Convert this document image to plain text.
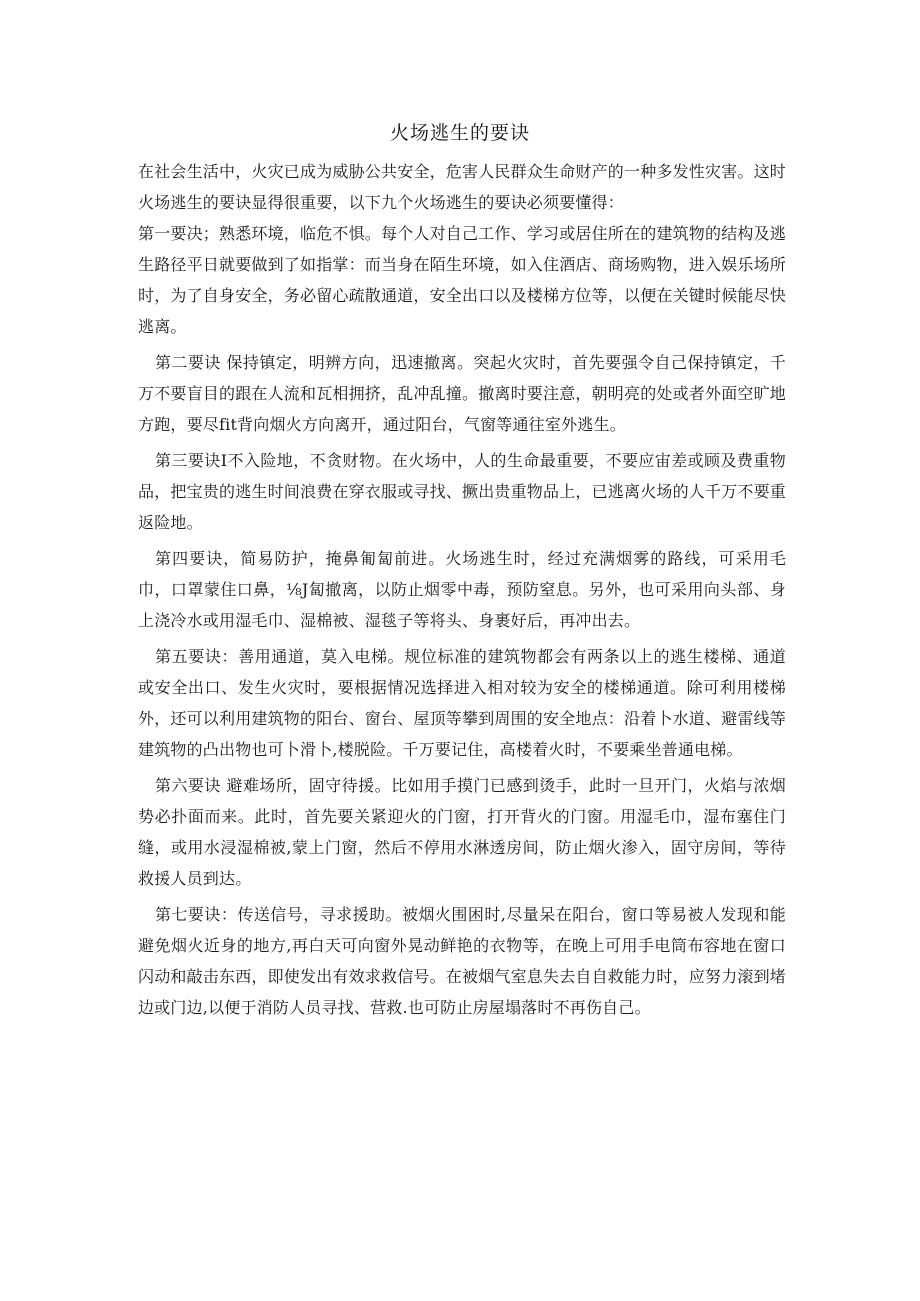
火场逃生的要诀

在社会生活中，火灾已成为威胁公共安全，危害人民群众生命财产的一种多发性灾害。这时火场逃生的要诀显得很重要，以下九个火场逃生的要诀必须要懂得：

第一要决；熟悉环境，临危不惧。每个人对自己工作、学习或居住所在的建筑物的结构及逃生路径平日就要做到了如指掌：而当身在陌生环境，如入住酒店、商场购物，进入娱乐场所时，为了自身安全，务必留心疏散通道，安全出口以及楼梯方位等，以便在关键时候能尽快逃离。

第二要诀 保持镇定，明辨方向，迅速撤离。突起火灾时，首先要强令自己保持镇定，千万不要盲目的跟在人流和瓦相拥挤，乱冲乱撞。撤离时要注意，朝明亮的处或者外面空旷地方跑，要尽fit背向烟火方向离开，通过阳台，气窗等通往室外逃生。

第三要诀I不入险地，不贪财物。在火场中，人的生命最重要，不要应宙差或顾及费重物品，把宝贵的逃生时间浪费在穿衣服或寻找、撅出贵重物品上，已逃离火场的人千万不要重返险地。

第四要诀，简易防护，掩鼻匍匐前进。火场逃生时，经过充满烟雾的路线，可采用毛巾，口罩蒙住口鼻，⅛J匐撤离，以防止烟零中毒，预防窒息。另外，也可采用向头部、身上浇冷水或用湿毛巾、湿棉被、湿毯子等将头、身裹好后，再冲出去。

第五要诀：善用通道，莫入电梯。规位标准的建筑物都会有两条以上的逃生楼梯、通道或安全出口、发生火灾时，要根据情况选择进入相对较为安全的楼梯通道。除可利用楼梯外，还可以利用建筑物的阳台、窗台、屋顶等攀到周围的安全地点：沿着卜水道、避雷线等建筑物的凸出物也可卜滑卜,楼脱险。千万要记住，高楼着火时，不要乘坐普通电梯。

第六要诀 避难场所，固守待援。比如用手摸门已感到烫手，此时一旦开门，火焰与浓烟势必扑面而来。此时，首先要关紧迎火的门窗，打开背火的门窗。用湿毛巾，湿布塞住门缝，或用水浸湿棉被,蒙上门窗，然后不停用水淋透房间，防止烟火渗入，固守房间，等待救援人员到达。

第七要诀：传送信号，寻求援助。被烟火围困时,尽量呆在阳台，窗口等易被人发现和能避免烟火近身的地方,再白天可向窗外晃动鲜艳的衣物等，在晚上可用手电筒布容地在窗口闪动和敲击东西，即使发出有效求救信号。在被烟气室息失去自自救能力时，应努力滚到堵边或门边,以便于消防人员寻找、营救.也可防止房屋塌落时不再伤自己。
